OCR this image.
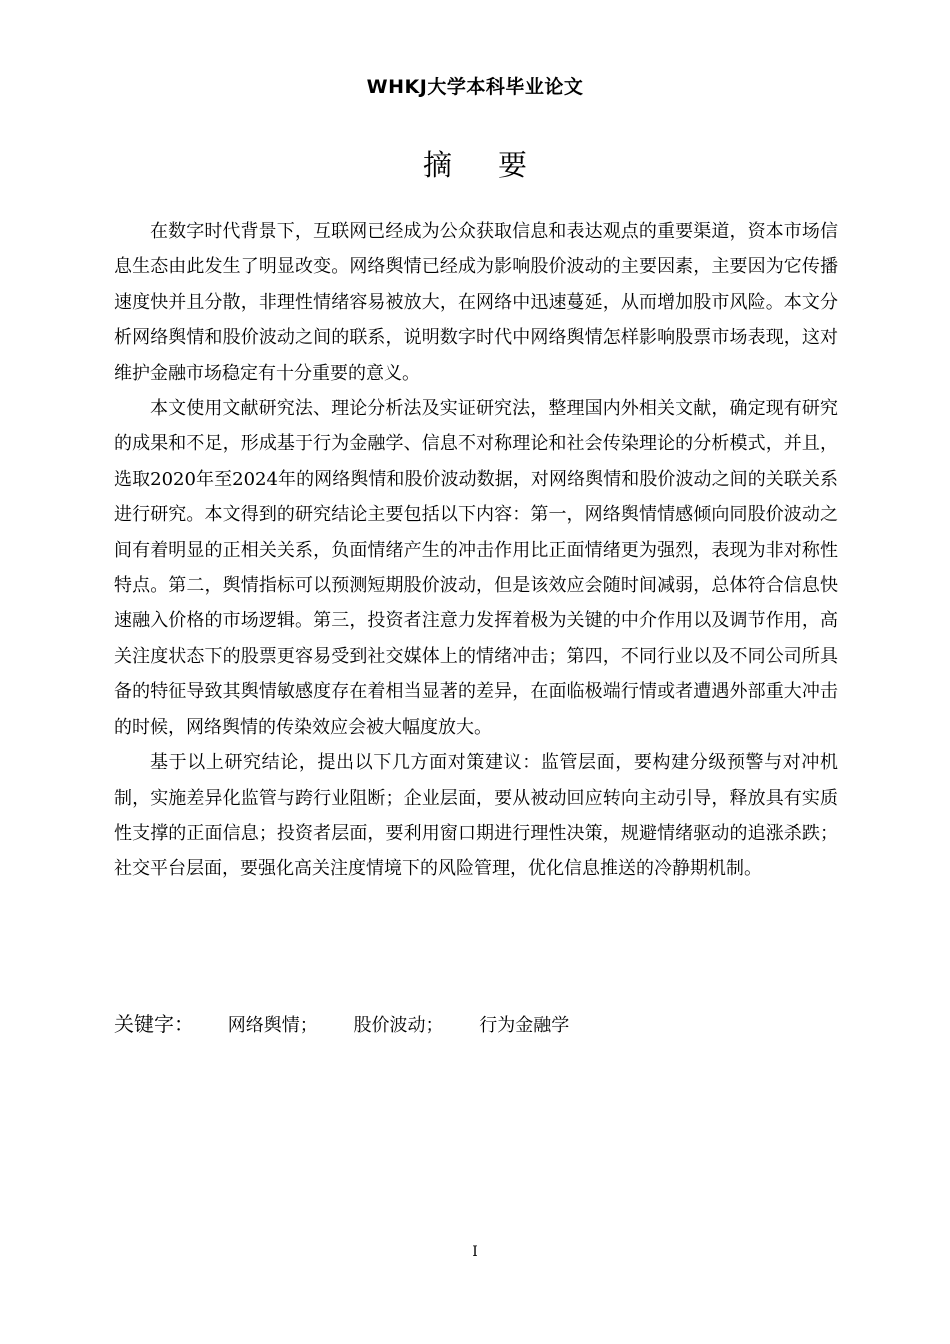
WHKJ大学本科毕业论文
摘要

在数字时代背景下，互联网已经成为公众获取信息和表达观点的重要渠道，资本市场信息生态由此发生了明显改变。网络舆情已经成为影响股价波动的主要因素，主要因为它传播速度快并且分散，非理性情绪容易被放大，在网络中迅速蔓延，从而增加股市风险。本文分析网络舆情和股价波动之间的联系，说明数字时代中网络舆情怎样影响股票市场表现，这对维护金融市场稳定有十分重要的意义。

本文使用文献研究法、理论分析法及实证研究法，整理国内外相关文献，确定现有研究的成果和不足，形成基于行为金融学、信息不对称理论和社会传染理论的分析模式，并且，选取2020年至2024年的网络舆情和股价波动数据，对网络舆情和股价波动之间的关联关系进行研究。本文得到的研究结论主要包括以下内容：第一，网络舆情情感倾向同股价波动之间有着明显的正相关关系，负面情绪产生的冲击作用比正面情绪更为强烈，表现为非对称性特点。第二，舆情指标可以预测短期股价波动，但是该效应会随时间减弱，总体符合信息快速融入价格的市场逻辑。第三，投资者注意力发挥着极为关键的中介作用以及调节作用，高关注度状态下的股票更容易受到社交媒体上的情绪冲击；第四，不同行业以及不同公司所具备的特征导致其舆情敏感度存在着相当显著的差异，在面临极端行情或者遭遇外部重大冲击的时候，网络舆情的传染效应会被大幅度放大。

基于以上研究结论，提出以下几方面对策建议：监管层面，要构建分级预警与对冲机制，实施差异化监管与跨行业阻断；企业层面，要从被动回应转向主动引导，释放具有实质性支撑的正面信息；投资者层面，要利用窗口期进行理性决策，规避情绪驱动的追涨杀跌；社交平台层面，要强化高关注度情境下的风险管理，优化信息推送的冷静期机制。

关键字： 网络舆情； 股价波动； 行为金融学
I
